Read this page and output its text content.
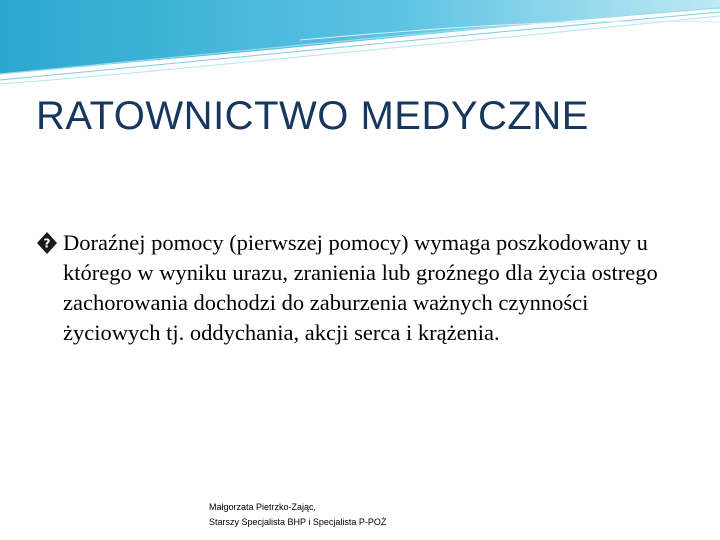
RATOWNICTWO MEDYCZNE
? Doraźnej pomocy (pierwszej pomocy) wymaga poszkodowany u którego w wyniku urazu, zranienia lub groźnego dla życia ostrego zachorowania dochodzi do zaburzenia ważnych czynności życiowych tj. oddychania, akcji serca i krążenia.
Małgorzata Pietrzko-Zając,
Starszy Specjalista BHP i Specjalista P-POŻ
